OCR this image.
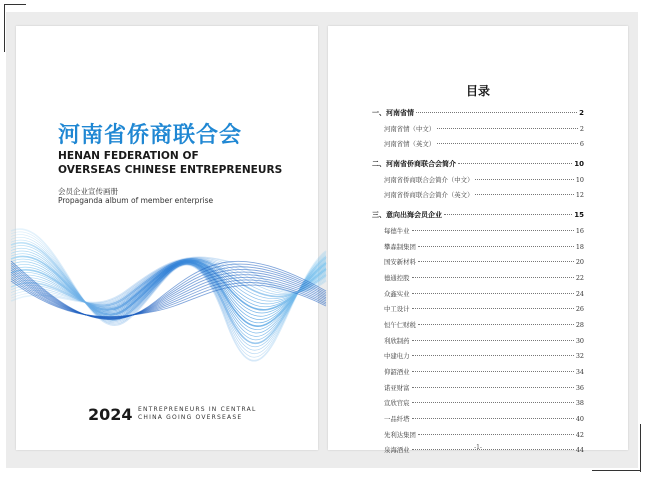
河南省侨商联合会
HENAN FEDERATION OF
OVERSEAS CHINESE ENTREPRENEURS
会员企业宣传画册
Propaganda album of member enterprise
2024 ENTREPRENEURS IN CENTRAL
CHINA GOING OVERSEASE
目录
一、河南省情	2
河南省情（中文）	2
河南省情（英文）	6
二、河南省侨商联合会简介	10
河南省侨商联合会简介（中文）	10
河南省侨商联合会简介（英文）	12
三、意向出海会员企业	15
每德牛业	16
攀森制集团	18
国安新材料	20
德通控股	22
众鑫实业	24
中工设计	26
恒午仁财税	28
利欣制药	30
中建电力	32
仰韶酒业	34
诺亚财富	36
宣欣官宸	38
一品纤塔	40
先利达集团	42
泉海酒业	44
-1-
